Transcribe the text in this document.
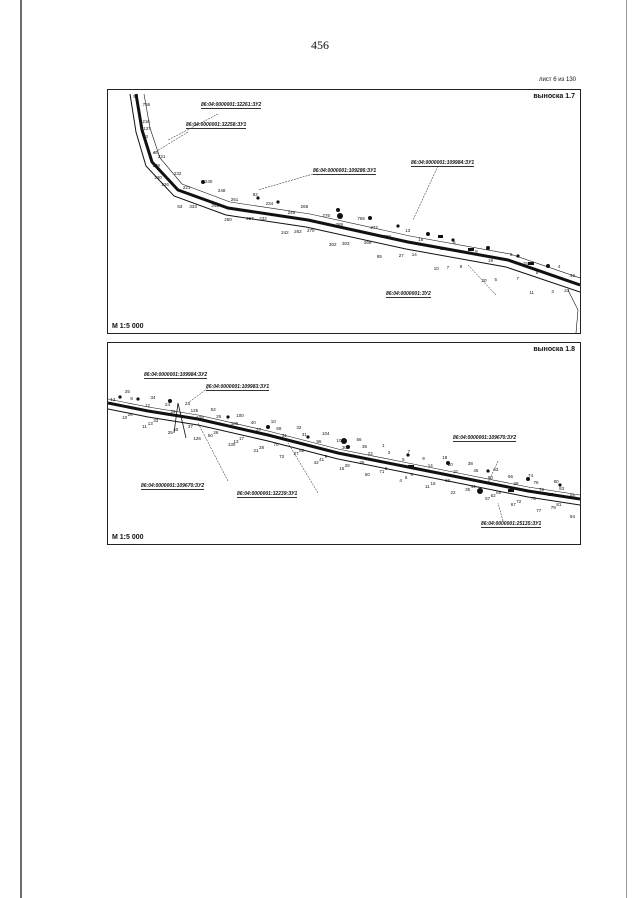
456
лист 6 из 130
выноска 1.7
М 1:5 000
86:04:0000001:32261:ЗУ2
86:04:0000001:32258:ЗУ1
86:04:0000001:109286:ЗУ1
86:04:0000001:109984:ЗУ1
86:04:0000001:ЗУ2
58
216
736
43
137
138
46
230
221
226
232
53
221
333
240
241
248
260
261
227
82
232
234
242
249
262
268
270
276
302
289
303
765
269
277
85
290
27
13
14
16
10
12
7
6
8
9
20
19
5
6
7
15
11
8
3
4
23
42
выноска 1.8
М 1:5 000
86:04:0000001:109984:ЗУ2
86:04:0000001:109983:ЗУ1
86:04:0000001:109670:ЗУ2
86:04:0000001:109670:ЗУ2
86:04:0000001:32239:ЗУ1
86:04:0000001:25135:ЗУ1
12
10
25
26
8
11
12
13
34
33
24
25
29
40
24
37
125
126
129
50
53
26
25
130
106
13
100
17
40
21
27
28
10
70
69
73
31
27
32
82
31
42
96
41
104
9
102
15
30
28
56
35
36
50
23
71
1
2
3
4
5
6
7
8
9
11
14
16
18
19
20
22
31
35
38
44
45
57
60
62
63
65
66
67
68
72
74
75
76
77
78
79
80
81
83
84
85
